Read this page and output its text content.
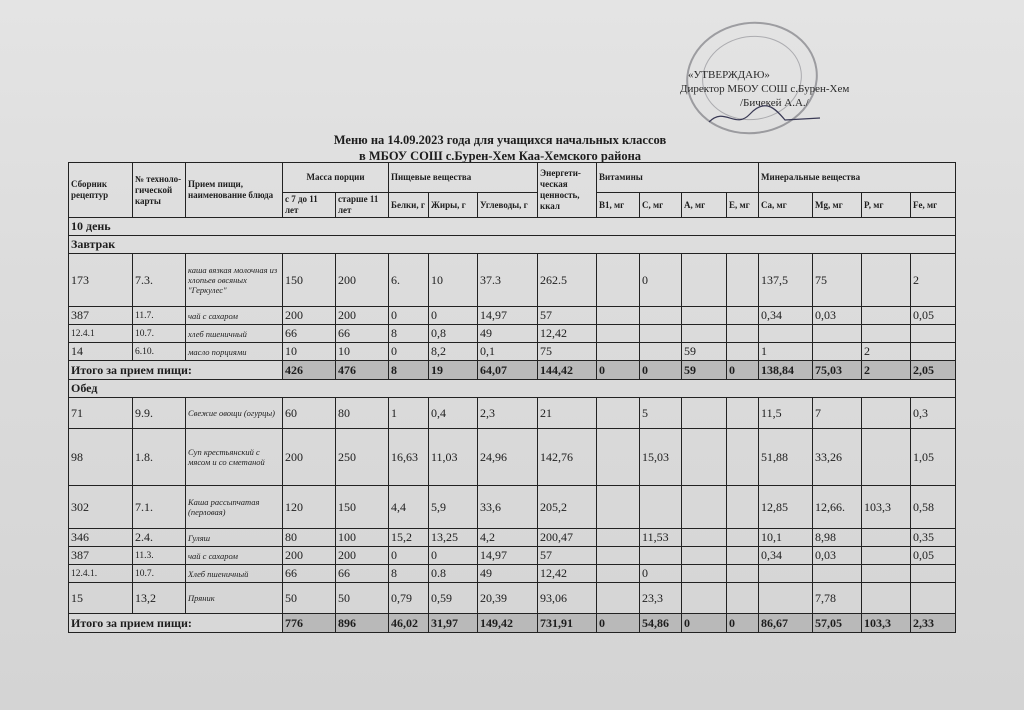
«УТВЕРЖДАЮ»
Директор МБОУ СОШ с.Бурен-Хем
/Бичекей А.А./
Меню на 14.09.2023 года для учащихся начальных классов
в МБОУ СОШ с.Бурен-Хем Каа-Хемского района
Сборник рецептур	№ техноло-гической карты	Прием пищи, наименование блюда	Масса порции		Пищевые вещества			Энергети-ческая ценность, ккал	Витамины				Минеральные вещества			
			с 7 до 11 лет	старше 11 лет	Белки, г	Жиры, г	Углеводы, г		B1, мг	C, мг	A, мг	E, мг	Ca, мг	Mg, мг	P, мг	Fe, мг
10 день																
Завтрак																
173	7.3.	каша вязкая молочная из хлопьев овсяных "Геркулес"	150	200	6.	10	37.3	262.5		0			137,5	75		2
387	11.7.	чай с сахаром	200	200	0	0	14,97	57					0,34	0,03		0,05
12.4.1	10.7.	хлеб пшеничный	66	66	8	0,8	49	12,42								
14	6.10.	масло порциями	10	10	0	8,2	0,1	75			59		1		2	
Итого за прием пищи:			426	476	8	19	64,07	144,42	0	0	59	0	138,84	75,03	2	2,05
Обед																
71	9.9.	Свежие овощи (огурцы)	60	80	1	0,4	2,3	21		5			11,5	7		0,3
98	1.8.	Суп крестьянский с мясом и со сметаной	200	250	16,63	11,03	24,96	142,76		15,03			51,88	33,26		1,05
302	7.1.	Каша рассыпчатая (перловая)	120	150	4,4	5,9	33,6	205,2					12,85	12,66.	103,3	0,58
346	2.4.	Гуляш	80	100	15,2	13,25	4,2	200,47		11,53			10,1	8,98		0,35
387	11.3.	чай с сахаром	200	200	0	0	14,97	57					0,34	0,03		0,05
12.4.1.	10.7.	Хлеб пшеничный	66	66	8	0.8	49	12,42		0						
15	13,2	Пряник	50	50	0,79	0,59	20,39	93,06		23,3				7,78		
Итого за прием пищи:			776	896	46,02	31,97	149,42	731,91	0	54,86	0	0	86,67	57,05	103,3	2,33
